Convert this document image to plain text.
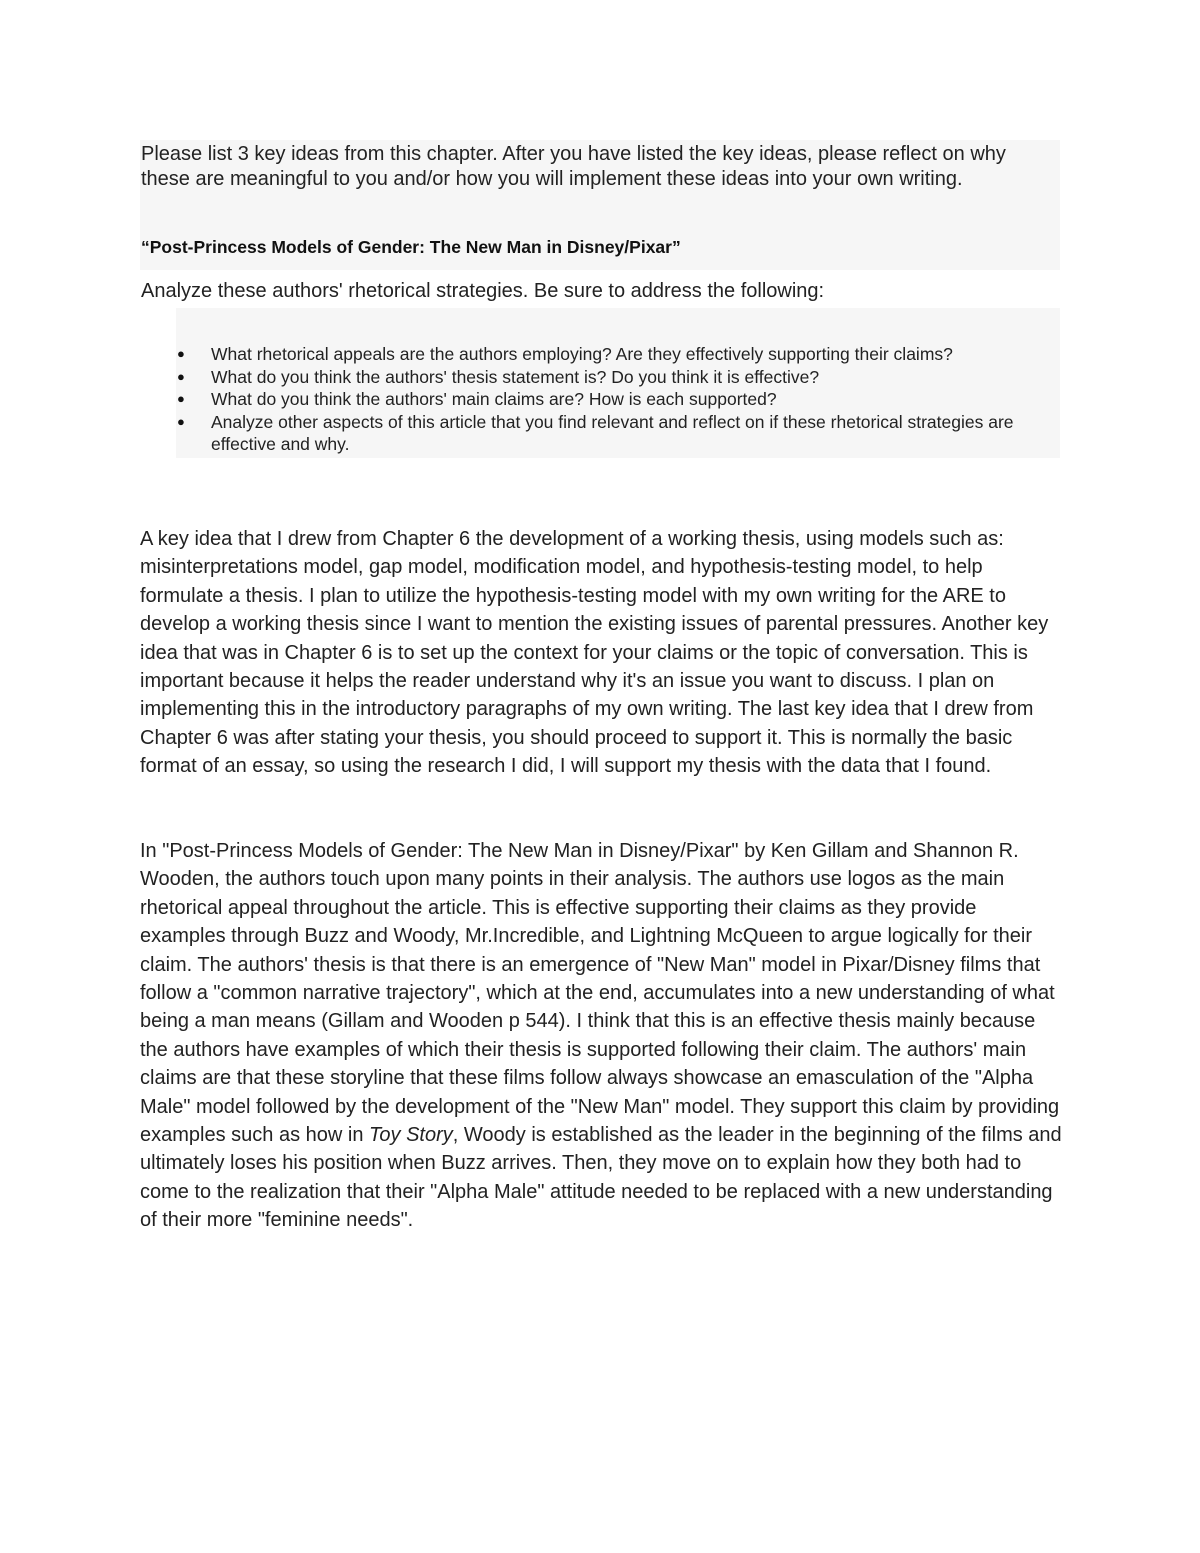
Please list 3 key ideas from this chapter. After you have listed the key ideas, please reflect on why these are meaningful to you and/or how you will implement these ideas into your own writing.

“Post-Princess Models of Gender: The New Man in Disney/Pixar”

Analyze these authors' rhetorical strategies. Be sure to address the following:

● What rhetorical appeals are the authors employing? Are they effectively supporting their claims?
● What do you think the authors' thesis statement is? Do you think it is effective?
● What do you think the authors' main claims are? How is each supported?
● Analyze other aspects of this article that you find relevant and reflect on if these rhetorical strategies are effective and why.

A key idea that I drew from Chapter 6 the development of a working thesis, using models such as: misinterpretations model, gap model, modification model, and hypothesis-testing model, to help formulate a thesis. I plan to utilize the hypothesis-testing model with my own writing for the ARE to develop a working thesis since I want to mention the existing issues of parental pressures. Another key idea that was in Chapter 6 is to set up the context for your claims or the topic of conversation. This is important because it helps the reader understand why it's an issue you want to discuss. I plan on implementing this in the introductory paragraphs of my own writing. The last key idea that I drew from Chapter 6 was after stating your thesis, you should proceed to support it. This is normally the basic format of an essay, so using the research I did, I will support my thesis with the data that I found.

In "Post-Princess Models of Gender: The New Man in Disney/Pixar" by Ken Gillam and Shannon R. Wooden, the authors touch upon many points in their analysis. The authors use logos as the main rhetorical appeal throughout the article. This is effective supporting their claims as they provide examples through Buzz and Woody, Mr.Incredible, and Lightning McQueen to argue logically for their claim. The authors' thesis is that there is an emergence of "New Man" model in Pixar/Disney films that follow a "common narrative trajectory", which at the end, accumulates into a new understanding of what being a man means (Gillam and Wooden p 544). I think that this is an effective thesis mainly because the authors have examples of which their thesis is supported following their claim. The authors' main claims are that these storyline that these films follow always showcase an emasculation of the "Alpha Male" model followed by the development of the "New Man" model. They support this claim by providing examples such as how in Toy Story, Woody is established as the leader in the beginning of the films and ultimately loses his position when Buzz arrives. Then, they move on to explain how they both had to come to the realization that their "Alpha Male" attitude needed to be replaced with a new understanding of their more "feminine needs".
